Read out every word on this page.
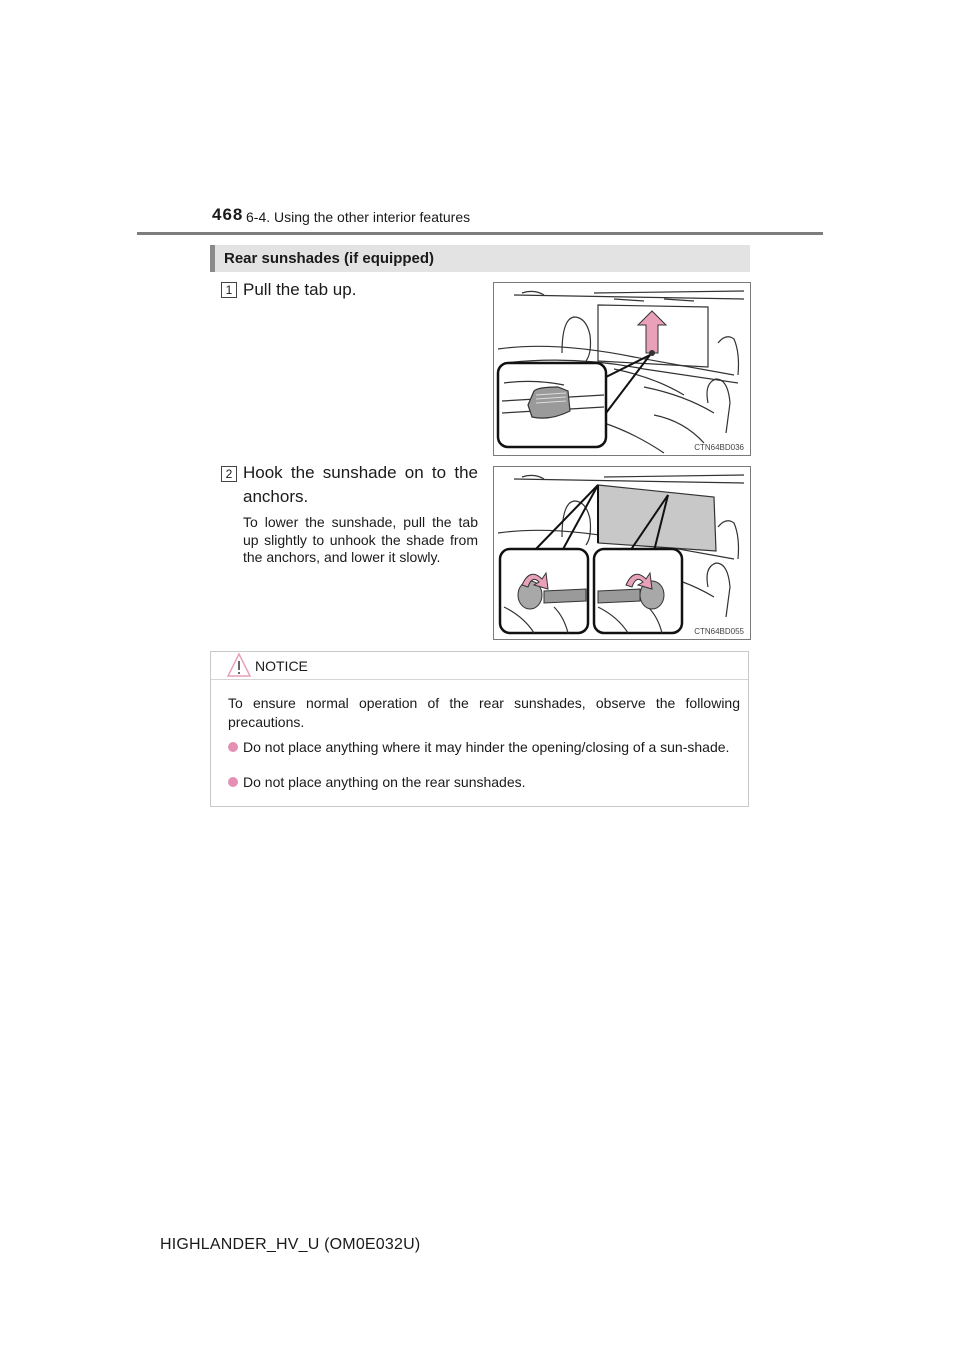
468 6-4. Using the other interior features
Rear sunshades (if equipped)
1 Pull the tab up.
CTN64BD036
2 Hook the sunshade on to the anchors.
To lower the sunshade, pull the tab up slightly to unhook the shade from the anchors, and lower it slowly.
CTN64BD055
NOTICE
To ensure normal operation of the rear sunshades, observe the following precautions.
Do not place anything where it may hinder the opening/closing of a sun-shade.
Do not place anything on the rear sunshades.
HIGHLANDER_HV_U (OM0E032U)
